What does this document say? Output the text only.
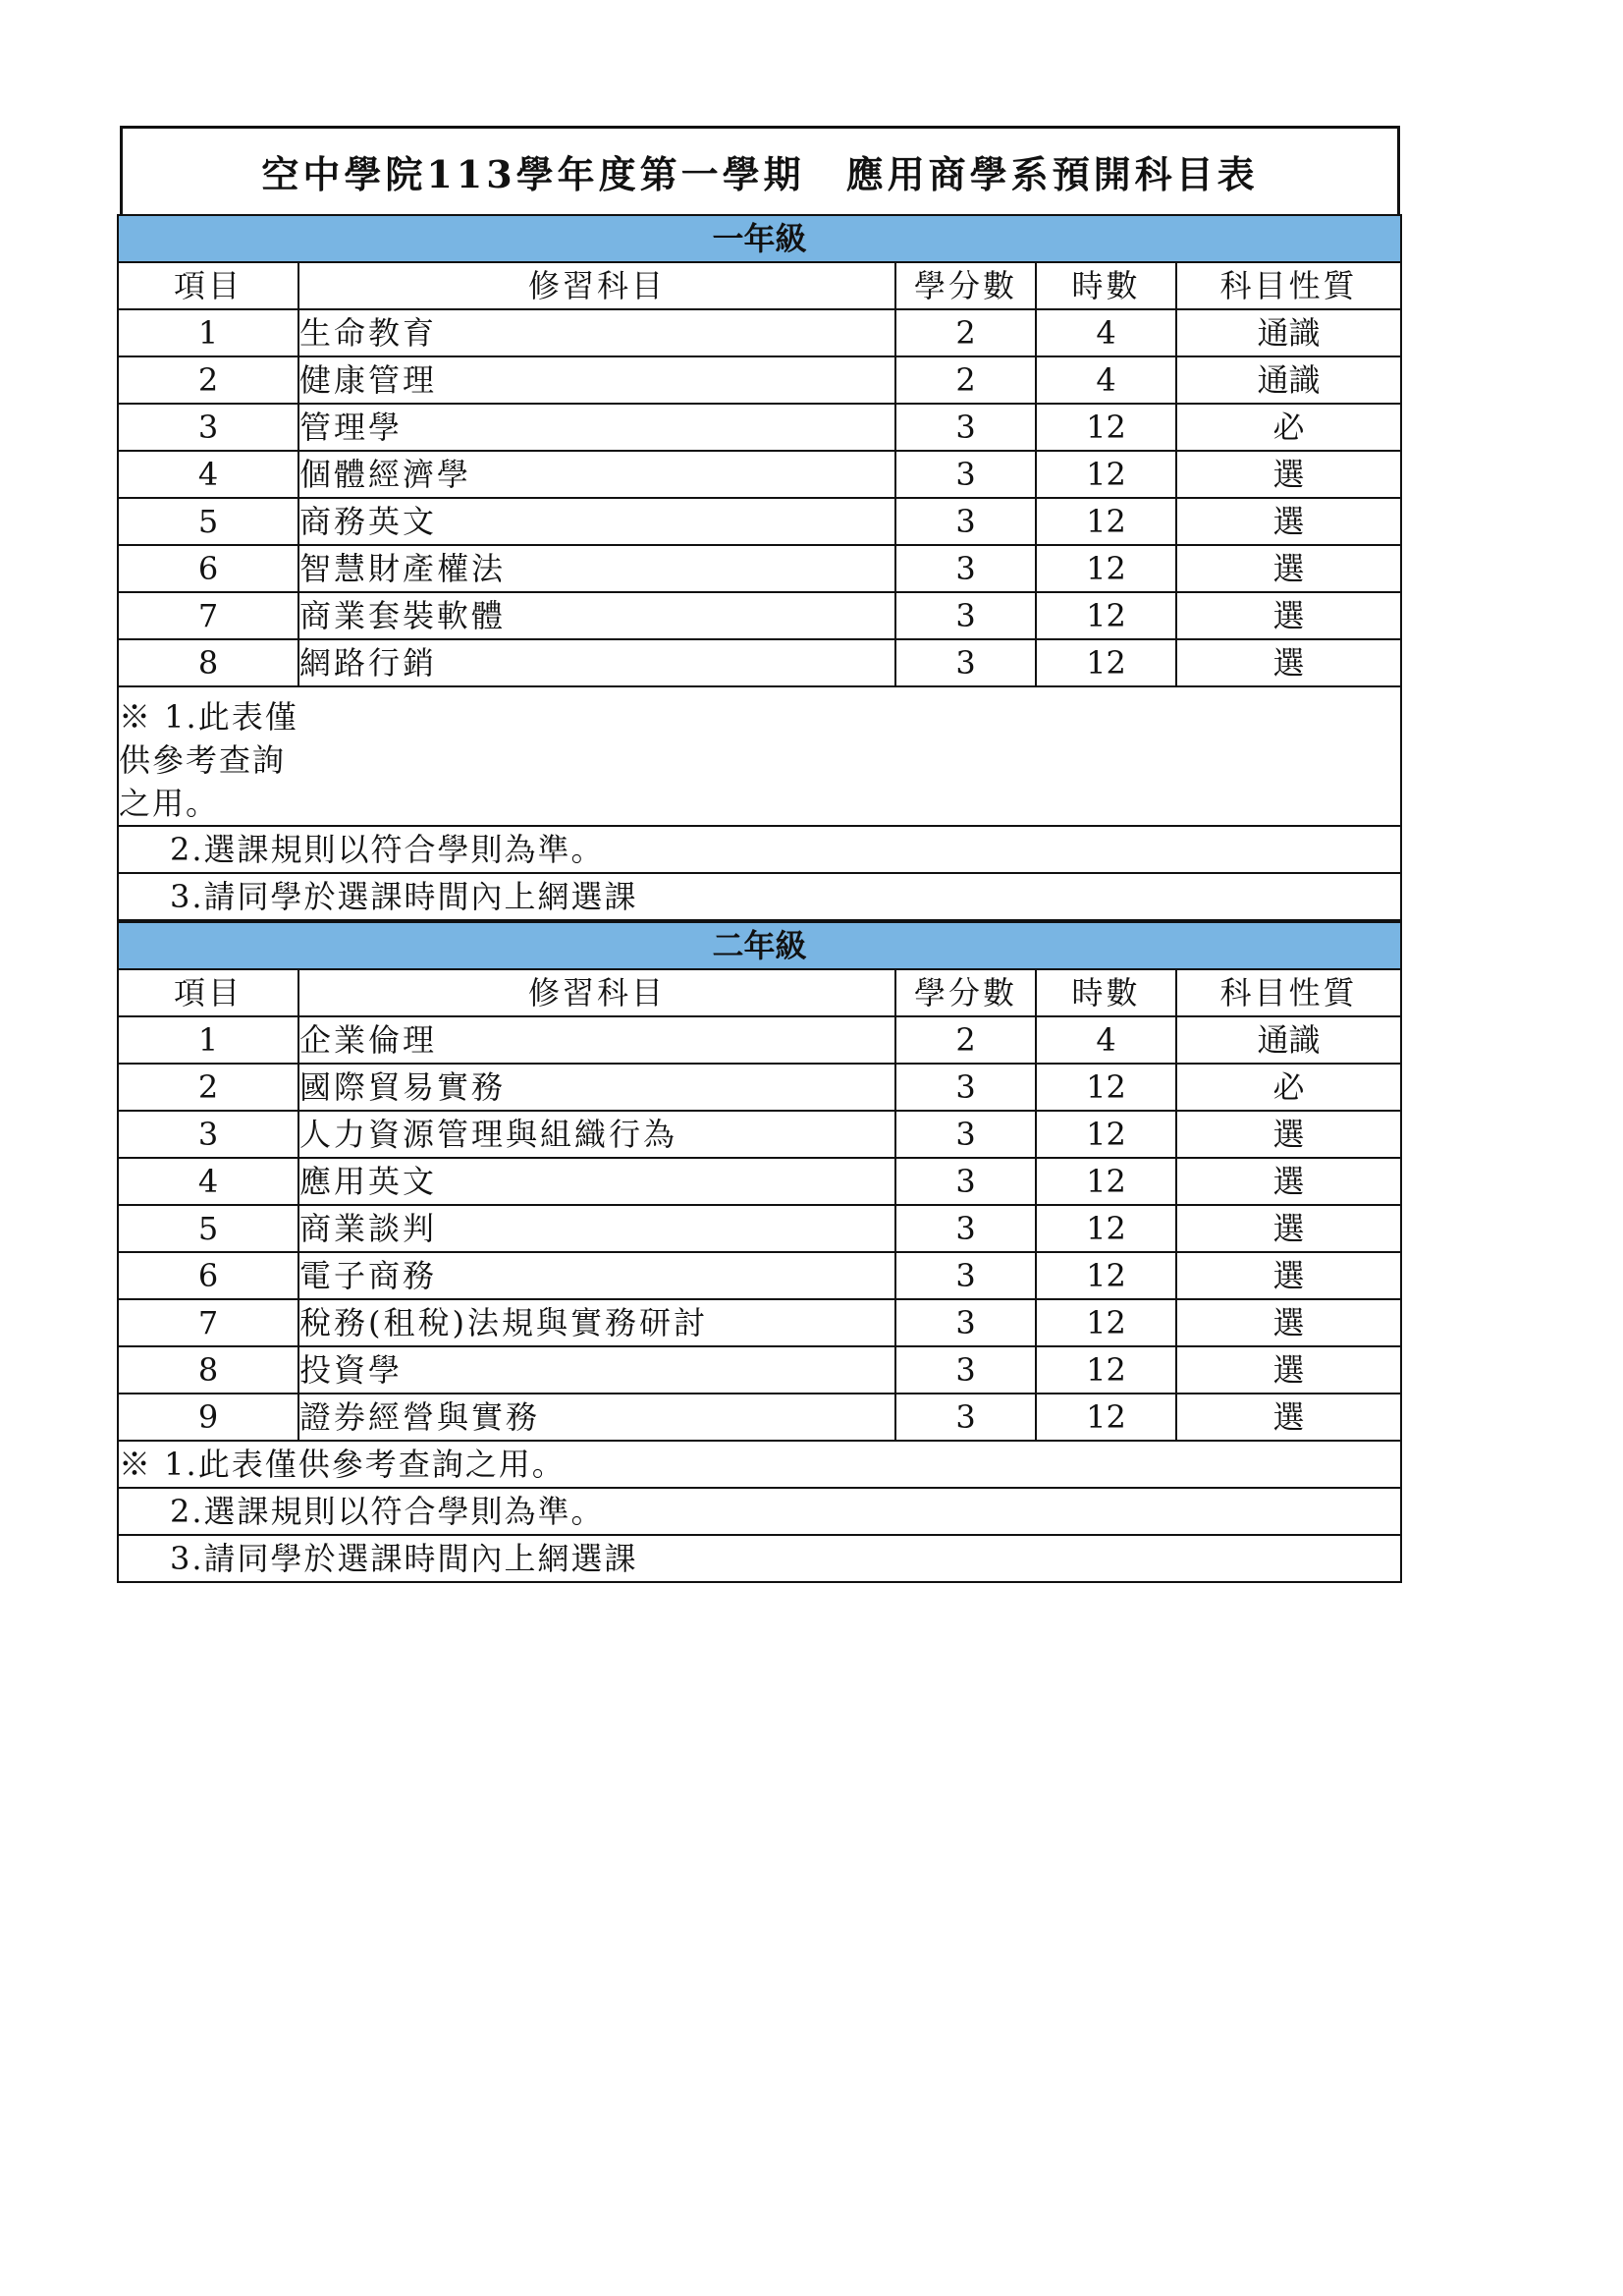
空中學院113學年度第一學期　應用商學系預開科目表
一年級				
項目	修習科目	學分數	時數	科目性質
1	生命教育	2	4	通識
2	健康管理	2	4	通識
3	管理學	3	12	必
4	個體經濟學	3	12	選
5	商務英文	3	12	選
6	智慧財產權法	3	12	選
7	商業套裝軟體	3	12	選
8	網路行銷	3	12	選

※ 1.此表僅供參考查詢之用。				

2.選課規則以符合學則為準。				
3.請同學於選課時間內上網選課				
二年級				
項目	修習科目	學分數	時數	科目性質
1	企業倫理	2	4	通識
2	國際貿易實務	3	12	必
3	人力資源管理與組織行為	3	12	選
4	應用英文	3	12	選
5	商業談判	3	12	選
6	電子商務	3	12	選
7	稅務(租稅)法規與實務研討	3	12	選
8	投資學	3	12	選
9	證券經營與實務	3	12	選
※ 1.此表僅供參考查詢之用。				
2.選課規則以符合學則為準。				
3.請同學於選課時間內上網選課				
